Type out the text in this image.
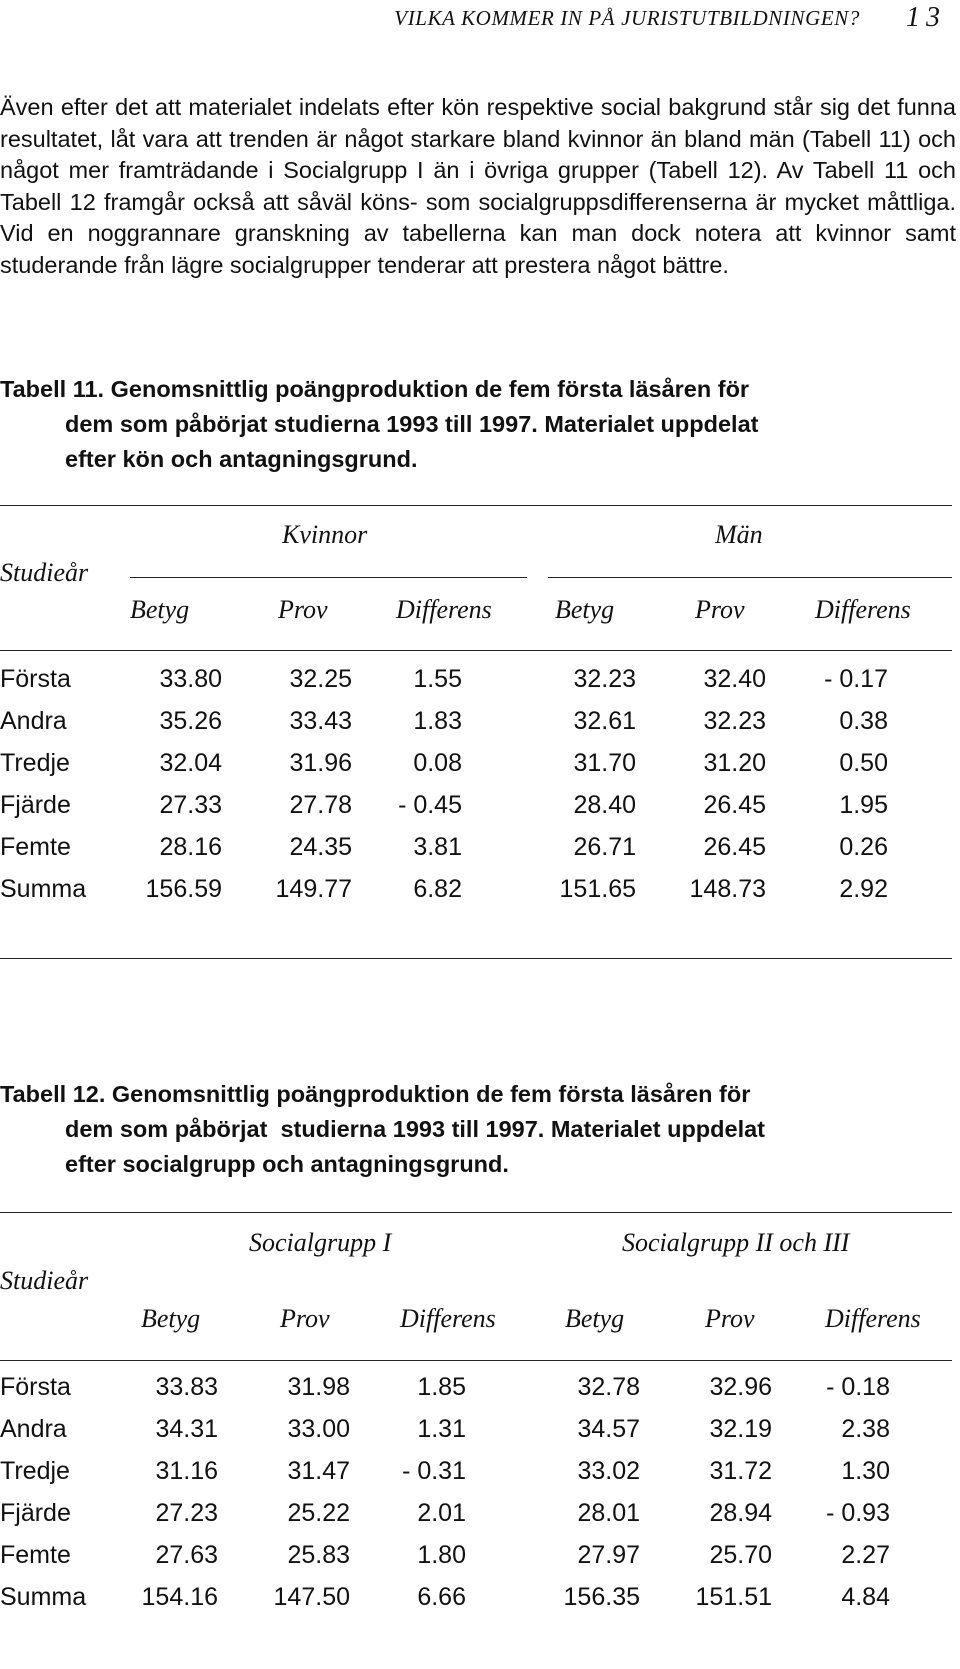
VILKA KOMMER IN PÅ JURISTUTBILDNINGEN? 13
Även efter det att materialet indelats efter kön respektive social bakgrund står sig det funna resultatet, låt vara att trenden är något starkare bland kvinnor än bland män (Tabell 11) och något mer framträdande i Socialgrupp I än i övriga grupper (Tabell 12). Av Tabell 11 och Tabell 12 framgår också att såväl köns- som socialgruppsdifferenserna är mycket måttliga. Vid en noggrannare granskning av tabellerna kan man dock notera att kvinnor samt studerande från lägre socialgrupper tenderar att prestera något bättre.
Tabell 11. Genomsnittlig poängproduktion de fem första läsåren för
dem som påbörjat studierna 1993 till 1997. Materialet uppdelat
efter kön och antagningsgrund.
Kvinnor	Män
Studieår
Betyg	Prov	Differens Betyg	Prov	Differens
Första	33.80	32.25 1.55	32.23	32.40 - 0.17
Andra	35.26	33.43 1.83	32.61	32.23	0.38
Tredje	32.04	31.96 0.08	31.70	31.20	0.50
Fjärde	27.33	27.78 - 0.45	28.40	26.45	1.95
Femte	28.16	24.35 3.81	26.71	26.45	0.26
Summa 156.59 149.77 6.82	151.65 148.73	2.92
Tabell 12. Genomsnittlig poängproduktion de fem första läsåren för
dem som påbörjat  studierna 1993 till 1997. Materialet uppdelat
efter socialgrupp och antagningsgrund.
Socialgrupp I	Socialgrupp II och III
Studieår
Betyg	Prov	Differens	Betyg	Prov	Differens
Första	33.83	31.98	1.85	32.78	32.96 - 0.18
Andra	34.31	33.00	1.31	34.57	32.19	2.38
Tredje	31.16	31.47 - 0.31	33.02	31.72	1.30
Fjärde	27.23	25.22	2.01	28.01	28.94 - 0.93
Femte	27.63	25.83	1.80	27.97	25.70	2.27
Summa 154.16 147.50	6.66	156.35 151.51	4.84
